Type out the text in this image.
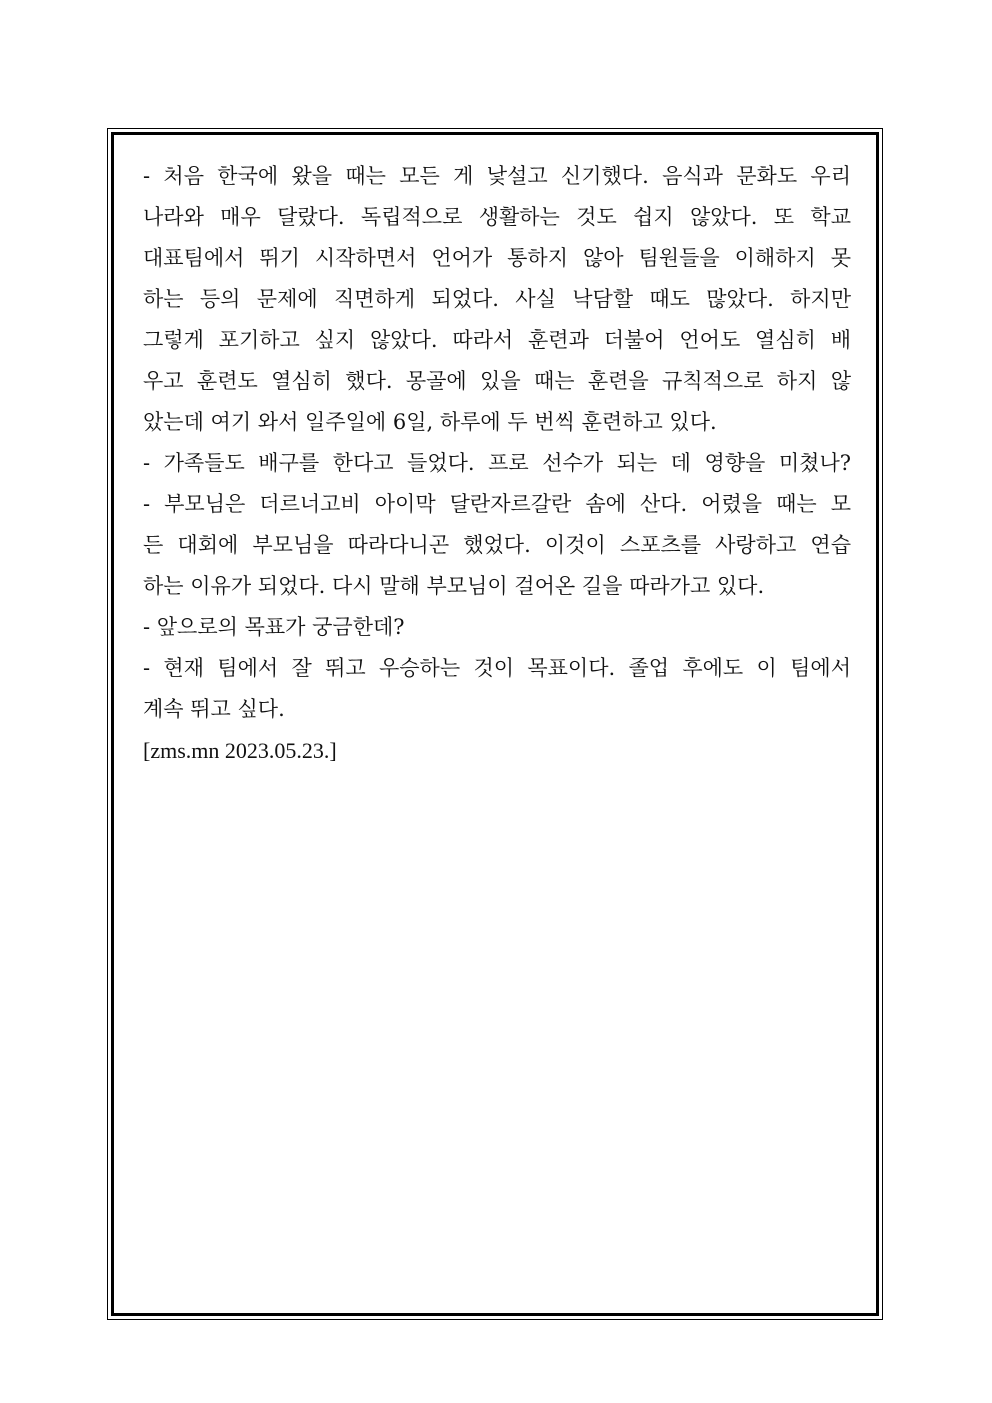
- 처음 한국에 왔을 때는 모든 게 낯설고 신기했다. 음식과 문화도 우리
나라와 매우 달랐다. 독립적으로 생활하는 것도 쉽지 않았다. 또 학교
대표팀에서 뛰기 시작하면서 언어가 통하지 않아 팀원들을 이해하지 못
하는 등의 문제에 직면하게 되었다. 사실 낙담할 때도 많았다. 하지만
그렇게 포기하고 싶지 않았다. 따라서 훈련과 더불어 언어도 열심히 배
우고 훈련도 열심히 했다. 몽골에 있을 때는 훈련을 규칙적으로 하지 않
았는데 여기 와서 일주일에 6일, 하루에 두 번씩 훈련하고 있다.
- 가족들도 배구를 한다고 들었다. 프로 선수가 되는 데 영향을 미쳤나?
- 부모님은 더르너고비 아이막 달란자르갈란 솜에 산다. 어렸을 때는 모
든 대회에 부모님을 따라다니곤 했었다. 이것이 스포츠를 사랑하고 연습
하는 이유가 되었다. 다시 말해 부모님이 걸어온 길을 따라가고 있다.
- 앞으로의 목표가 궁금한데?
- 현재 팀에서 잘 뛰고 우승하는 것이 목표이다. 졸업 후에도 이 팀에서
계속 뛰고 싶다.
[zms.mn 2023.05.23.]
